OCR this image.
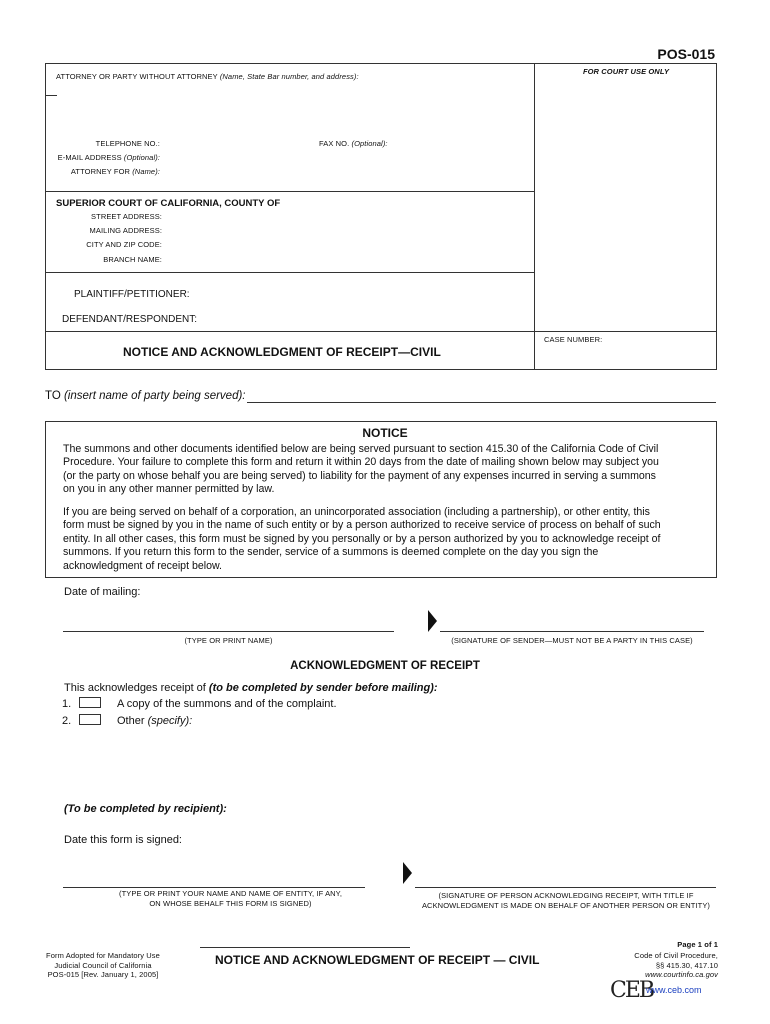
POS-015
ATTORNEY OR PARTY WITHOUT ATTORNEY (Name, State Bar number, and address):
FOR COURT USE ONLY
TELEPHONE NO.:	FAX NO. (Optional):
E-MAIL ADDRESS (Optional):
ATTORNEY FOR (Name):
SUPERIOR COURT OF CALIFORNIA, COUNTY OF
STREET ADDRESS:
MAILING ADDRESS:
CITY AND ZIP CODE:
BRANCH NAME:
PLAINTIFF/PETITIONER:
DEFENDANT/RESPONDENT:
CASE NUMBER:
NOTICE AND ACKNOWLEDGMENT OF RECEIPT—CIVIL
TO (insert name of party being served):
NOTICE
The summons and other documents identified below are being served pursuant to section 415.30 of the California Code of Civil
Procedure. Your failure to complete this form and return it within 20 days from the date of mailing shown below may subject you
(or the party on whose behalf you are being served) to liability for the payment of any expenses incurred in serving a summons
on you in any other manner permitted by law.
If you are being served on behalf of a corporation, an unincorporated association (including a partnership), or other entity, this
form must be signed by you in the name of such entity or by a person authorized to receive service of process on behalf of such
entity. In all other cases, this form must be signed by you personally or by a person authorized by you to acknowledge receipt of
summons. If you return this form to the sender, service of a summons is deemed complete on the day you sign the
acknowledgment of receipt below.
Date of mailing:
(TYPE OR PRINT NAME)	(SIGNATURE OF SENDER—MUST NOT BE A PARTY IN THIS CASE)
ACKNOWLEDGMENT OF RECEIPT
This acknowledges receipt of (to be completed by sender before mailing):
1.	A copy of the summons and of the complaint.
2.	Other (specify):
(To be completed by recipient):
Date this form is signed:
(TYPE OR PRINT YOUR NAME AND NAME OF ENTITY, IF ANY,
ON WHOSE BEHALF THIS FORM IS SIGNED)
(SIGNATURE OF PERSON ACKNOWLEDGING RECEIPT, WITH TITLE IF
ACKNOWLEDGMENT IS MADE ON BEHALF OF ANOTHER PERSON OR ENTITY)
Form Adopted for Mandatory Use
Judicial Council of California
POS-015 [Rev. January 1, 2005]
NOTICE AND ACKNOWLEDGMENT OF RECEIPT — CIVIL
Page 1 of 1
Code of Civil Procedure,
§§ 415.30, 417.10
www.courtinfo.ca.gov
CEB
www.ceb.com
